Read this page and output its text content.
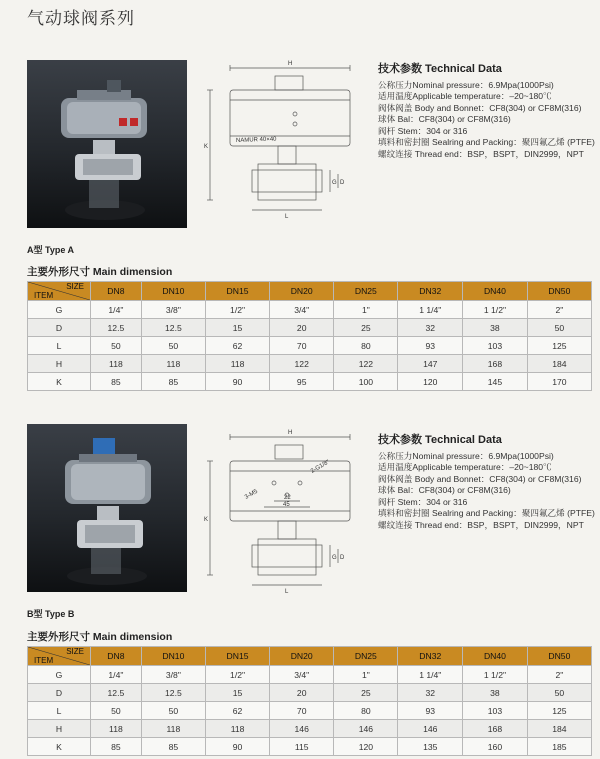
气动球阀系列
A型 Type A
H
K
G D
L
NAMUR 40×40
技术参数 Technical Data
公称压力Nominal pressure：6.9Mpa(1000Psi)
适用温度Applicable temperature：–20~180℃
阀体阀盖 Body and Bonnet：CF8(304) or CF8M(316)
球体 Bal：CF8(304) or CF8M(316)
阀杆 Stem：304 or 316
填料和密封圈 Sealring and Packing：聚四氟乙烯 (PTFE)
螺纹连接 Thread end：BSP，BSPT，DIN2999，NPT
主要外形尺寸 Main dimension
SIZE
ITEM	DN8	DN10	DN15	DN20	DN25	DN32	DN40	DN50
G	1/4"	3/8"	1/2"	3/4"	1"	1 1/4"	1 1/2"	2"
D	12.5	12.5	15	20	25	32	38	50
L	50	50	62	70	80	93	103	125
H	118	118	118	122	122	147	168	184
K	85	85	90	95	100	120	145	170
B型 Type B
H
K
G D
L
2-G1/8"
3-M5	22
45
技术参数 Technical Data
公称压力Nominal pressure：6.9Mpa(1000Psi)
适用温度Applicable temperature：–20~180℃
阀体阀盖 Body and Bonnet：CF8(304) or CF8M(316)
球体 Bal：CF8(304) or CF8M(316)
阀杆 Stem：304 or 316
填料和密封圈 Sealring and Packing：聚四氟乙烯 (PTFE)
螺纹连接 Thread end：BSP，BSPT，DIN2999，NPT
主要外形尺寸 Main dimension
SIZE
ITEM	DN8	DN10	DN15	DN20	DN25	DN32	DN40	DN50
G	1/4"	3/8"	1/2"	3/4"	1"	1 1/4"	1 1/2"	2"
D	12.5	12.5	15	20	25	32	38	50
L	50	50	62	70	80	93	103	125
H	118	118	118	146	146	146	168	184
K	85	85	90	115	120	135	160	185
